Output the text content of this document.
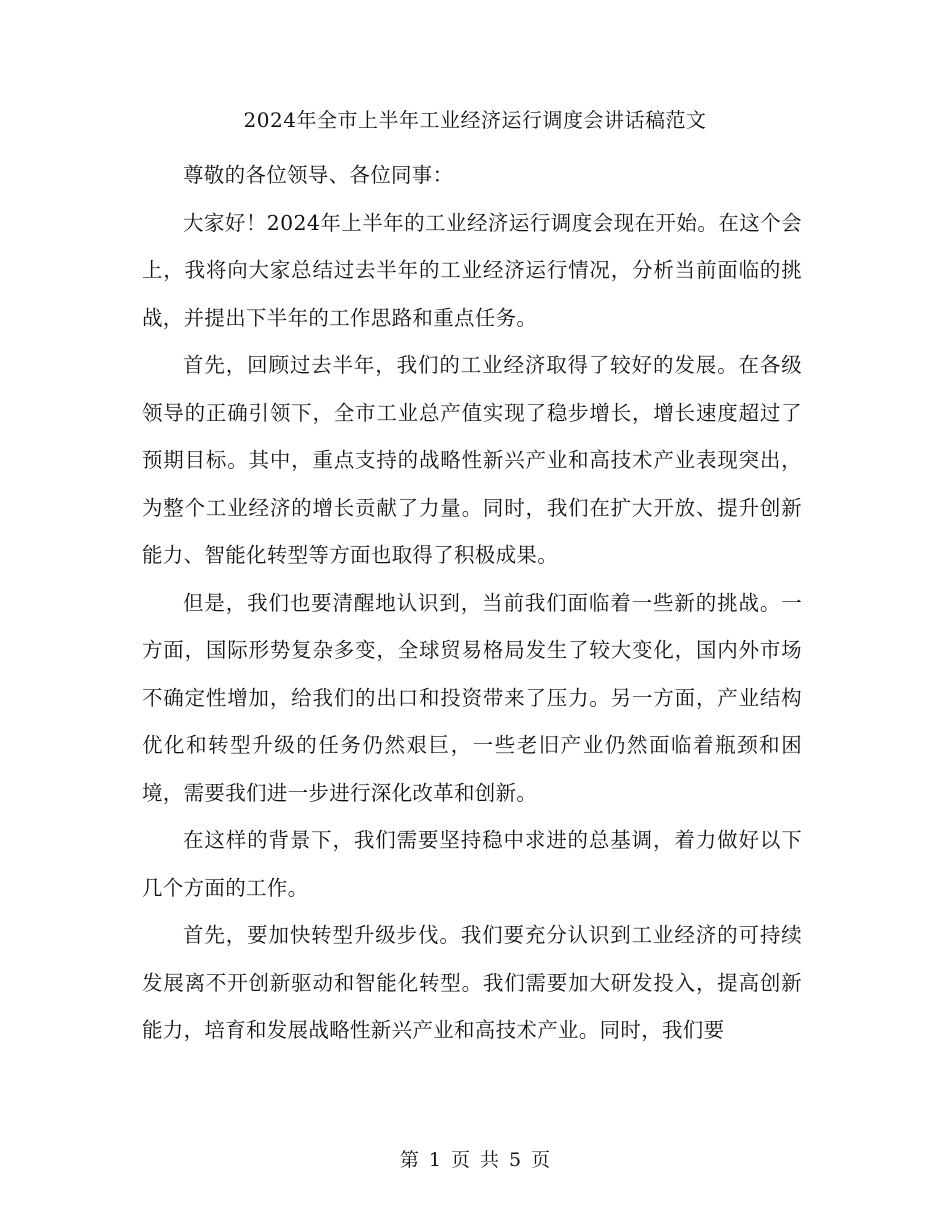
2024年全市上半年工业经济运行调度会讲话稿范文

尊敬的各位领导、各位同事：

大家好！2024年上半年的工业经济运行调度会现在开始。在这个会上，我将向大家总结过去半年的工业经济运行情况，分析当前面临的挑战，并提出下半年的工作思路和重点任务。

首先，回顾过去半年，我们的工业经济取得了较好的发展。在各级领导的正确引领下，全市工业总产值实现了稳步增长，增长速度超过了预期目标。其中，重点支持的战略性新兴产业和高技术产业表现突出，为整个工业经济的增长贡献了力量。同时，我们在扩大开放、提升创新能力、智能化转型等方面也取得了积极成果。

但是，我们也要清醒地认识到，当前我们面临着一些新的挑战。一方面，国际形势复杂多变，全球贸易格局发生了较大变化，国内外市场不确定性增加，给我们的出口和投资带来了压力。另一方面，产业结构优化和转型升级的任务仍然艰巨，一些老旧产业仍然面临着瓶颈和困境，需要我们进一步进行深化改革和创新。

在这样的背景下，我们需要坚持稳中求进的总基调，着力做好以下几个方面的工作。

首先，要加快转型升级步伐。我们要充分认识到工业经济的可持续发展离不开创新驱动和智能化转型。我们需要加大研发投入，提高创新能力，培育和发展战略性新兴产业和高技术产业。同时，我们要

第 1 页 共 5 页
